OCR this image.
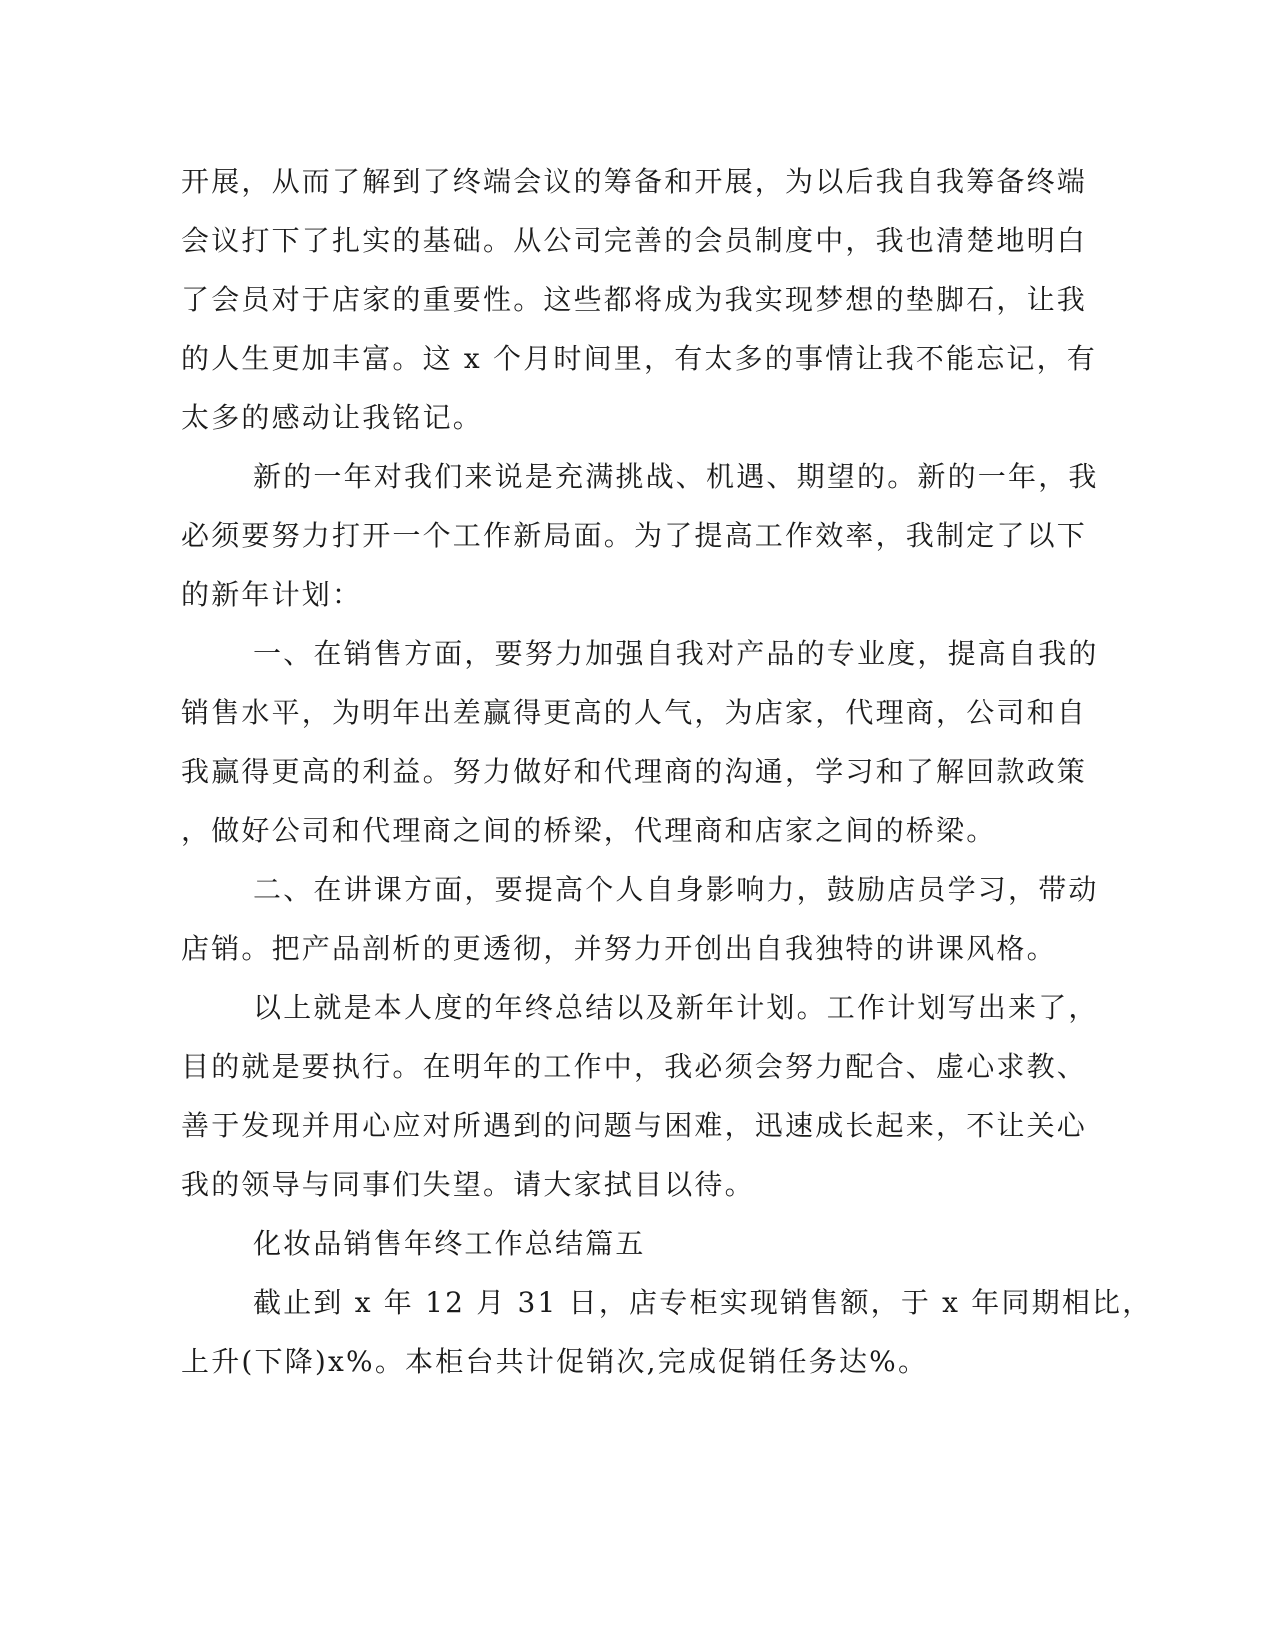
开展，从而了解到了终端会议的筹备和开展，为以后我自我筹备终端
会议打下了扎实的基础。从公司完善的会员制度中，我也清楚地明白
了会员对于店家的重要性。这些都将成为我实现梦想的垫脚石，让我
的人生更加丰富。这 x 个月时间里，有太多的事情让我不能忘记，有
太多的感动让我铭记。
新的一年对我们来说是充满挑战、机遇、期望的。新的一年，我
必须要努力打开一个工作新局面。为了提高工作效率，我制定了以下
的新年计划：
一、在销售方面，要努力加强自我对产品的专业度，提高自我的
销售水平，为明年出差赢得更高的人气，为店家，代理商，公司和自
我赢得更高的利益。努力做好和代理商的沟通，学习和了解回款政策
，做好公司和代理商之间的桥梁，代理商和店家之间的桥梁。
二、在讲课方面，要提高个人自身影响力，鼓励店员学习，带动
店销。把产品剖析的更透彻，并努力开创出自我独特的讲课风格。
以上就是本人度的年终总结以及新年计划。工作计划写出来了，
目的就是要执行。在明年的工作中，我必须会努力配合、虚心求教、
善于发现并用心应对所遇到的问题与困难，迅速成长起来，不让关心
我的领导与同事们失望。请大家拭目以待。
化妆品销售年终工作总结篇五
截止到 x 年 12 月 31 日，店专柜实现销售额，于 x 年同期相比，
上升(下降)x%。本柜台共计促销次,完成促销任务达%。
